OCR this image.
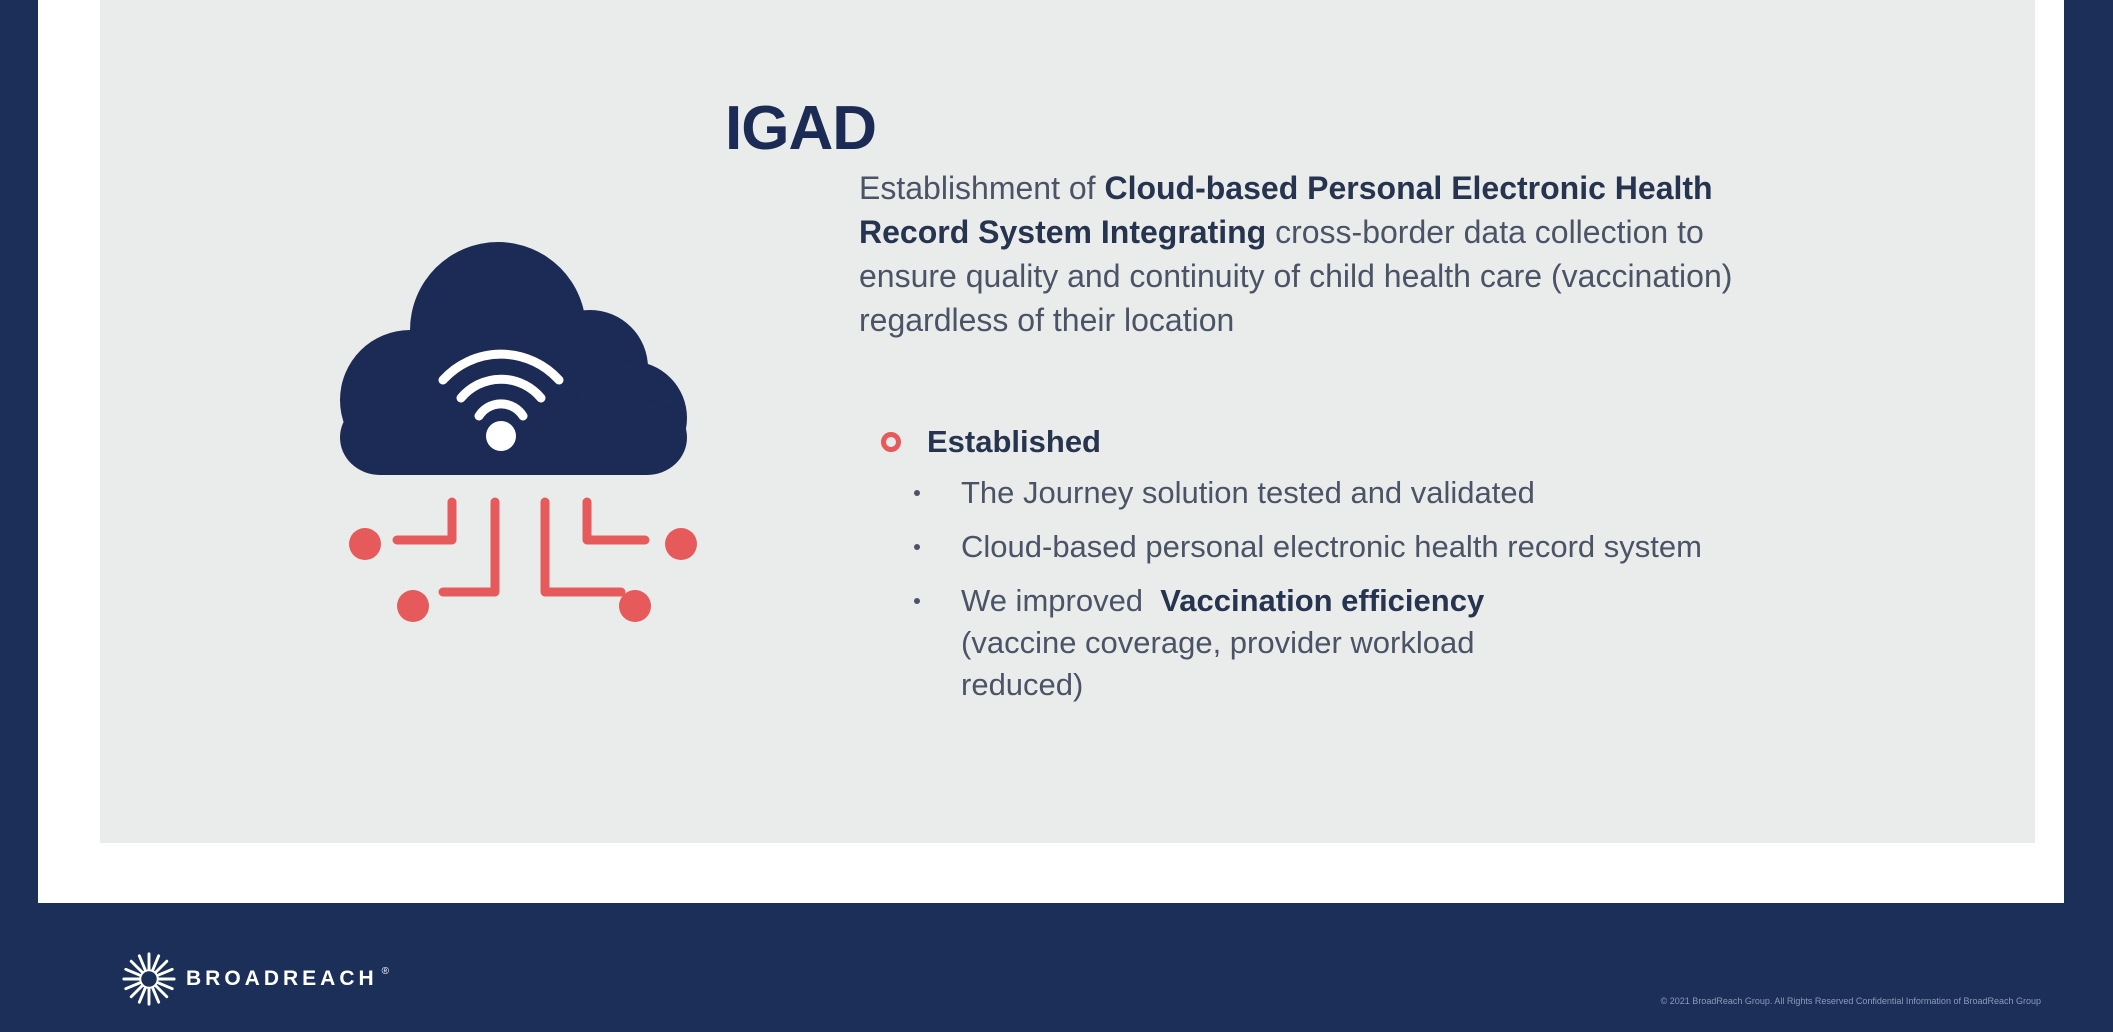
IGAD

Establishment of Cloud-based Personal Electronic Health Record System Integrating cross-border data collection to ensure quality and continuity of child health care (vaccination) regardless of their location

Established
The Journey solution tested and validated
Cloud-based personal electronic health record system
We improved  Vaccination efficiency
(vaccine coverage, provider workload reduced)
BROADREACH ®
© 2021 BroadReach Group. All Rights Reserved Confidential Information of BroadReach Group
